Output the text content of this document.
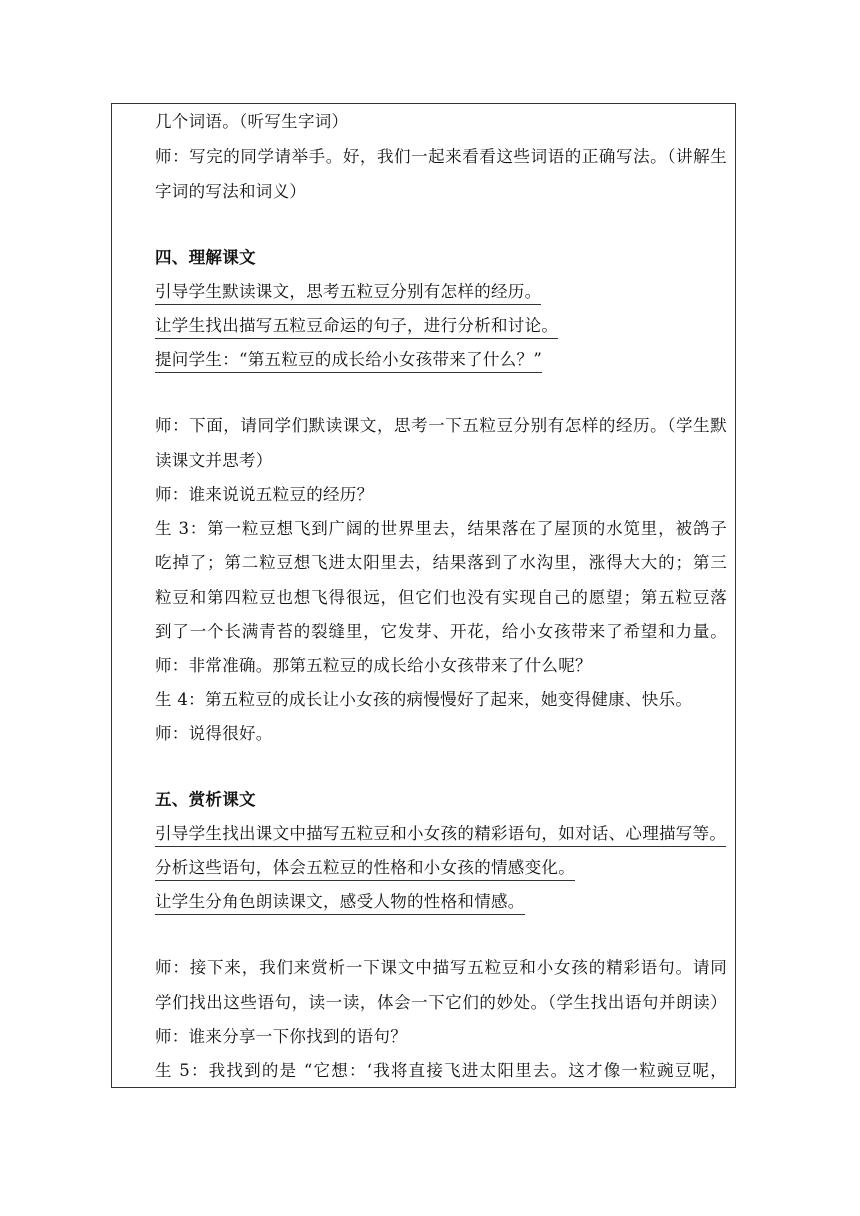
几个词语。（听写生字词）
师：写完的同学请举手。好，我们一起来看看这些词语的正确写法。（讲解生
字词的写法和词义）
四、理解课文
引导学生默读课文，思考五粒豆分别有怎样的经历。
让学生找出描写五粒豆命运的句子，进行分析和讨论。
提问学生：“第五粒豆的成长给小女孩带来了什么？”
师：下面，请同学们默读课文，思考一下五粒豆分别有怎样的经历。（学生默
读课文并思考）
师：谁来说说五粒豆的经历？
生 3：第一粒豆想飞到广阔的世界里去，结果落在了屋顶的水笕里，被鸽子
吃掉了；第二粒豆想飞进太阳里去，结果落到了水沟里，涨得大大的；第三
粒豆和第四粒豆也想飞得很远，但它们也没有实现自己的愿望；第五粒豆落
到了一个长满青苔的裂缝里，它发芽、开花，给小女孩带来了希望和力量。
师：非常准确。那第五粒豆的成长给小女孩带来了什么呢？
生 4：第五粒豆的成长让小女孩的病慢慢好了起来，她变得健康、快乐。
师：说得很好。
五、赏析课文
引导学生找出课文中描写五粒豆和小女孩的精彩语句，如对话、心理描写等。
分析这些语句，体会五粒豆的性格和小女孩的情感变化。
让学生分角色朗读课文，感受人物的性格和情感。
师：接下来，我们来赏析一下课文中描写五粒豆和小女孩的精彩语句。请同
学们找出这些语句，读一读，体会一下它们的妙处。（学生找出语句并朗读）
师：谁来分享一下你找到的语句？
生 5：我找到的是 “它想：‘我将直接飞进太阳里去。这才像一粒豌豆呢，
